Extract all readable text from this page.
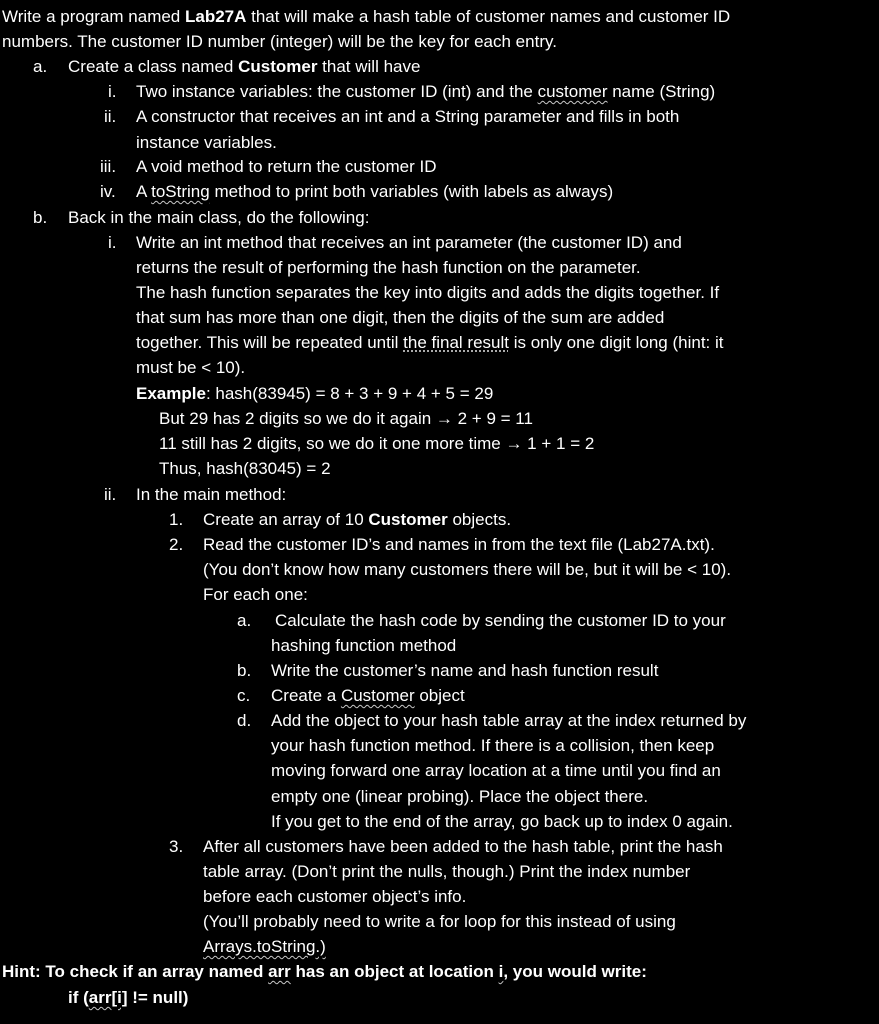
Write a program named Lab27A that will make a hash table of customer names and customer ID
numbers. The customer ID number (integer) will be the key for each entry.
a. Create a class named Customer that will have
i. Two instance variables: the customer ID (int) and the customer name (String)
ii. A constructor that receives an int and a String parameter and fills in both
instance variables.
iii. A void method to return the customer ID
iv. A toString method to print both variables (with labels as always)
b. Back in the main class, do the following:
i. Write an int method that receives an int parameter (the customer ID) and
returns the result of performing the hash function on the parameter.
The hash function separates the key into digits and adds the digits together. If
that sum has more than one digit, then the digits of the sum are added
together. This will be repeated until the final result is only one digit long (hint: it
must be < 10).
Example: hash(83945) = 8 + 3 + 9 + 4 + 5 = 29
But 29 has 2 digits so we do it again → 2 + 9 = 11
11 still has 2 digits, so we do it one more time → 1 + 1 = 2
Thus, hash(83045) = 2
ii. In the main method:
1. Create an array of 10 Customer objects.
2. Read the customer ID’s and names in from the text file (Lab27A.txt).
(You don’t know how many customers there will be, but it will be < 10).
For each one:
a. Calculate the hash code by sending the customer ID to your
hashing function method
b. Write the customer’s name and hash function result
c. Create a Customer object
d. Add the object to your hash table array at the index returned by
your hash function method. If there is a collision, then keep
moving forward one array location at a time until you find an
empty one (linear probing). Place the object there.
If you get to the end of the array, go back up to index 0 again.
3. After all customers have been added to the hash table, print the hash
table array. (Don’t print the nulls, though.) Print the index number
before each customer object’s info.
(You’ll probably need to write a for loop for this instead of using
Arrays.toString.)
Hint: To check if an array named arr has an object at location i, you would write:
if (arr[i] != null)
